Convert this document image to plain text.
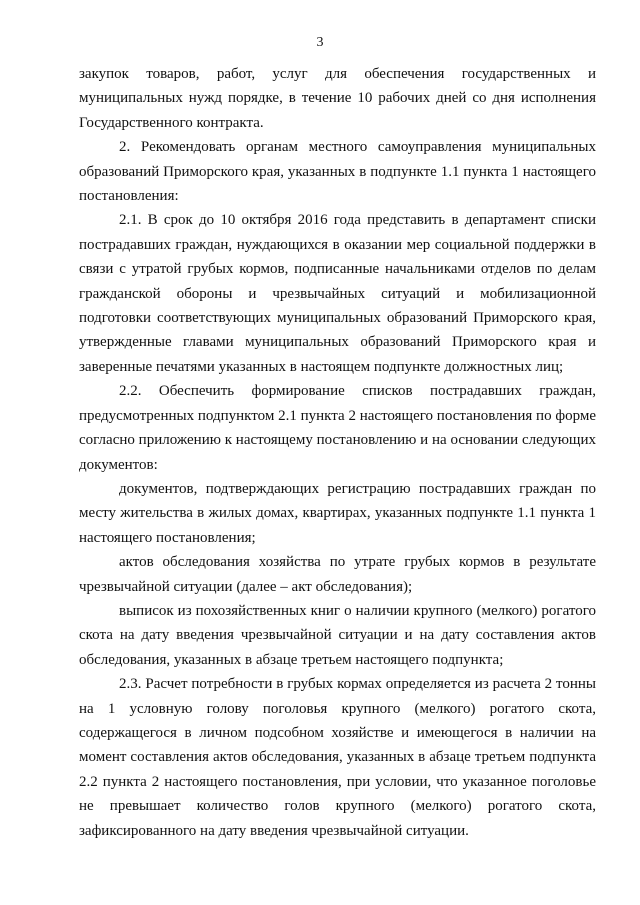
3

закупок товаров, работ, услуг для обеспечения государственных и муниципальных нужд порядке, в течение 10 рабочих дней со дня исполнения Государственного контракта.

2. Рекомендовать органам местного самоуправления муниципальных образований Приморского края, указанных в подпункте 1.1 пункта 1 настоящего постановления:

2.1. В срок до 10 октября 2016 года представить в департамент списки пострадавших граждан, нуждающихся в оказании мер социальной поддержки в связи с утратой грубых кормов, подписанные начальниками отделов по делам гражданской обороны и чрезвычайных ситуаций и мобилизационной подготовки соответствующих муниципальных образований Приморского края, утвержденные главами муниципальных образований Приморского края и заверенные печатями указанных в настоящем подпункте должностных лиц;

2.2. Обеспечить формирование списков пострадавших граждан, предусмотренных подпунктом 2.1 пункта 2 настоящего постановления по форме согласно приложению к настоящему постановлению и на основании следующих документов:

документов, подтверждающих регистрацию пострадавших граждан по месту жительства в жилых домах, квартирах, указанных подпункте 1.1 пункта 1 настоящего постановления;

актов обследования хозяйства по утрате грубых кормов в результате чрезвычайной ситуации (далее – акт обследования);

выписок из похозяйственных книг о наличии крупного (мелкого) рогатого скота на дату введения чрезвычайной ситуации и на дату составления актов обследования, указанных в абзаце третьем настоящего подпункта;

2.3. Расчет потребности в грубых кормах определяется из расчета 2 тонны на 1 условную голову поголовья крупного (мелкого) рогатого скота, содержащегося в личном подсобном хозяйстве и имеющегося в наличии на момент составления актов обследования, указанных в абзаце третьем подпункта 2.2 пункта 2 настоящего постановления, при условии, что указанное поголовье не превышает количество голов крупного (мелкого) рогатого скота, зафиксированного на дату введения чрезвычайной ситуации.
